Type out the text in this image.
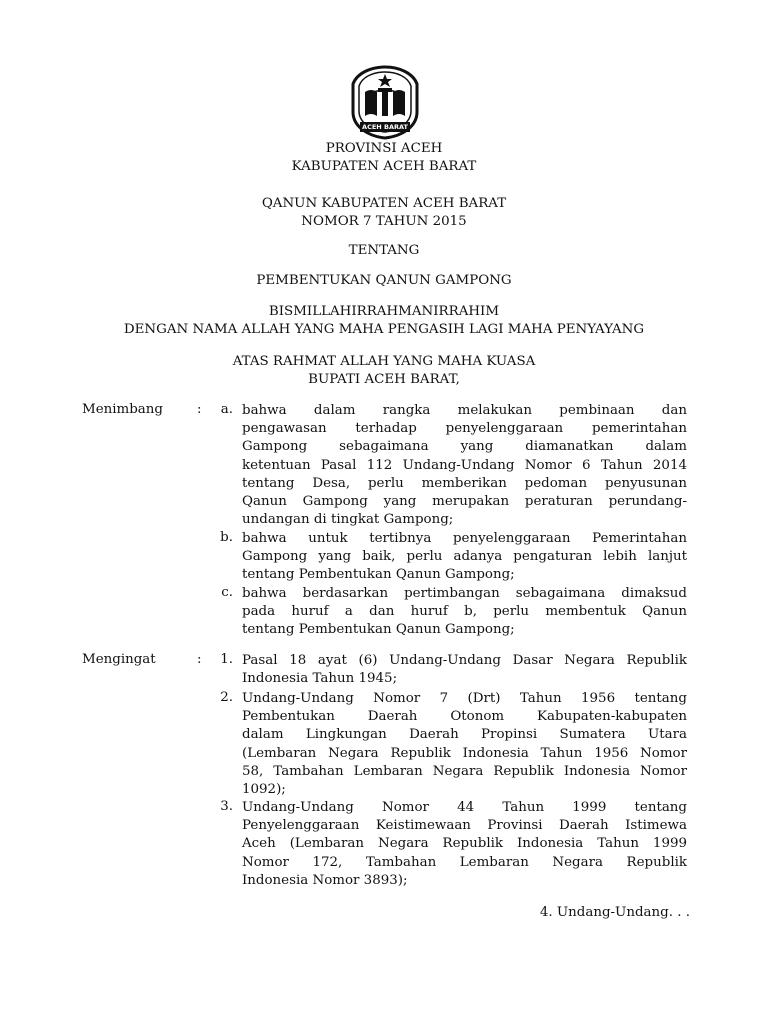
ACEH BARAT
PROVINSI ACEH
KABUPATEN ACEH BARAT
QANUN KABUPATEN ACEH BARAT
NOMOR 7 TAHUN 2015
TENTANG
PEMBENTUKAN QANUN GAMPONG
BISMILLAHIRRAHMANIRRAHIM
DENGAN NAMA ALLAH YANG MAHA PENGASIH LAGI MAHA PENYAYANG
ATAS RAHMAT ALLAH YANG MAHA KUASA
BUPATI ACEH BARAT,
Menimbang	:	a. bahwa dalam rangka melakukan pembinaan dan
pengawasan terhadap penyelenggaraan pemerintahan
Gampong sebagaimana yang diamanatkan dalam
ketentuan Pasal 112 Undang-Undang Nomor 6 Tahun 2014
tentang Desa, perlu memberikan pedoman penyusunan
Qanun Gampong yang merupakan peraturan perundang-
undangan di tingkat Gampong;
b. bahwa untuk tertibnya penyelenggaraan Pemerintahan
Gampong yang baik, perlu adanya pengaturan lebih lanjut
tentang Pembentukan Qanun Gampong;
c. bahwa berdasarkan pertimbangan sebagaimana dimaksud
pada huruf a dan huruf b, perlu membentuk Qanun
tentang Pembentukan Qanun Gampong;
Mengingat	:	1. Pasal 18 ayat (6) Undang-Undang Dasar Negara Republik
Indonesia Tahun 1945;
2. Undang-Undang Nomor 7 (Drt) Tahun 1956 tentang
Pembentukan Daerah Otonom Kabupaten-kabupaten
dalam Lingkungan Daerah Propinsi Sumatera Utara
(Lembaran Negara Republik Indonesia Tahun 1956 Nomor
58, Tambahan Lembaran Negara Republik Indonesia Nomor
1092);
3. Undang-Undang Nomor 44 Tahun 1999 tentang
Penyelenggaraan Keistimewaan Provinsi Daerah Istimewa
Aceh (Lembaran Negara Republik Indonesia Tahun 1999
Nomor 172, Tambahan Lembaran Negara Republik
Indonesia Nomor 3893);
4. Undang-Undang. . .
